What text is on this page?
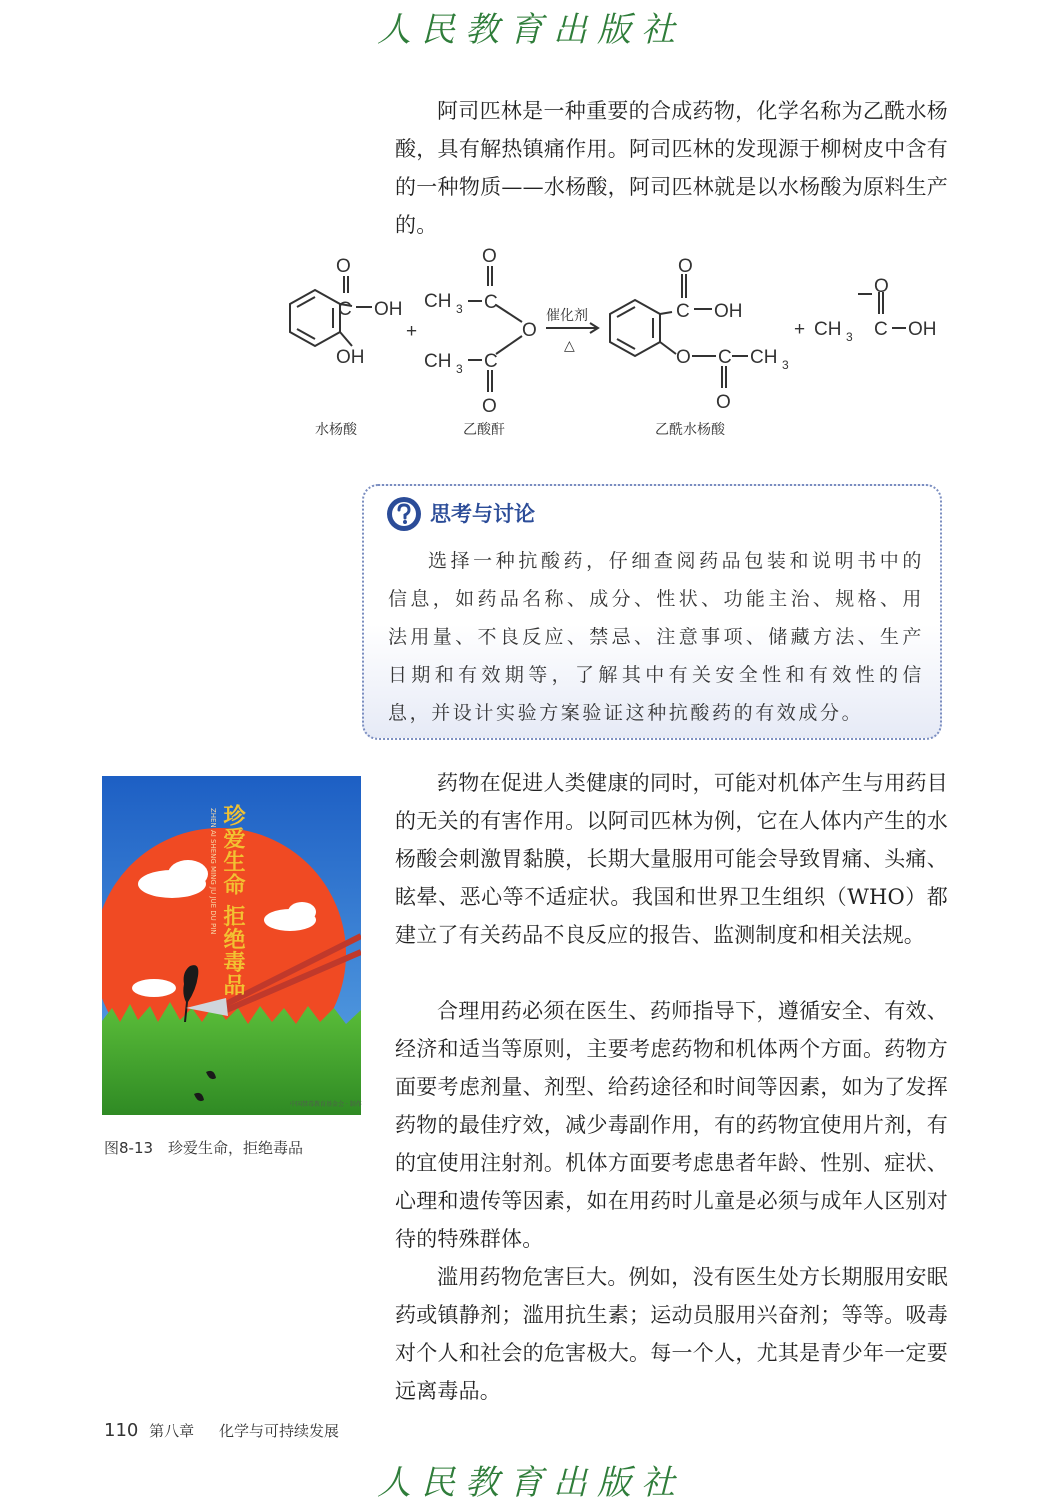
人民教育出版社

阿司匹林是一种重要的合成药物，化学名称为乙酰水杨酸，具有解热镇痛作用。阿司匹林的发现源于柳树皮中含有的一种物质——水杨酸，阿司匹林就是以水杨酸为原料生产的。

O
C OH
OH
+
O
CH 3 C
O
CH 3 C
O
催化剂
△
O
C OH
O C CH 3
O
+ CH 3
O
C OH
水杨酸	乙酸酐	乙酰水杨酸
思考与讨论

选择一种抗酸药，仔细查阅药品包装和说明书中的信息，如药品名称、成分、性状、功能主治、规格、用法用量、不良反应、禁忌、注意事项、储藏方法、生产日期和有效期等，了解其中有关安全性和有效性的信息，并设计实验方案验证这种抗酸药的有效成分。

珍爱生命 拒绝毒品
ZHEN AI SHENG MING JU JUE DU PIN
中国禁毒教育基金会 · 制作
图8-13　珍爱生命，拒绝毒品

药物在促进人类健康的同时，可能对机体产生与用药目的无关的有害作用。以阿司匹林为例，它在人体内产生的水杨酸会刺激胃黏膜，长期大量服用可能会导致胃痛、头痛、眩晕、恶心等不适症状。我国和世界卫生组织（WHO）都建立了有关药品不良反应的报告、监测制度和相关法规。

合理用药必须在医生、药师指导下，遵循安全、有效、经济和适当等原则，主要考虑药物和机体两个方面。药物方面要考虑剂量、剂型、给药途径和时间等因素，如为了发挥药物的最佳疗效，减少毒副作用，有的药物宜使用片剂，有的宜使用注射剂。机体方面要考虑患者年龄、性别、症状、心理和遗传等因素，如在用药时儿童是必须与成年人区别对待的特殊群体。

滥用药物危害巨大。例如，没有医生处方长期服用安眠药或镇静剂；滥用抗生素；运动员服用兴奋剂；等等。吸毒对个人和社会的危害极大。每一个人，尤其是青少年一定要远离毒品。

110 第八章 化学与可持续发展
人民教育出版社
